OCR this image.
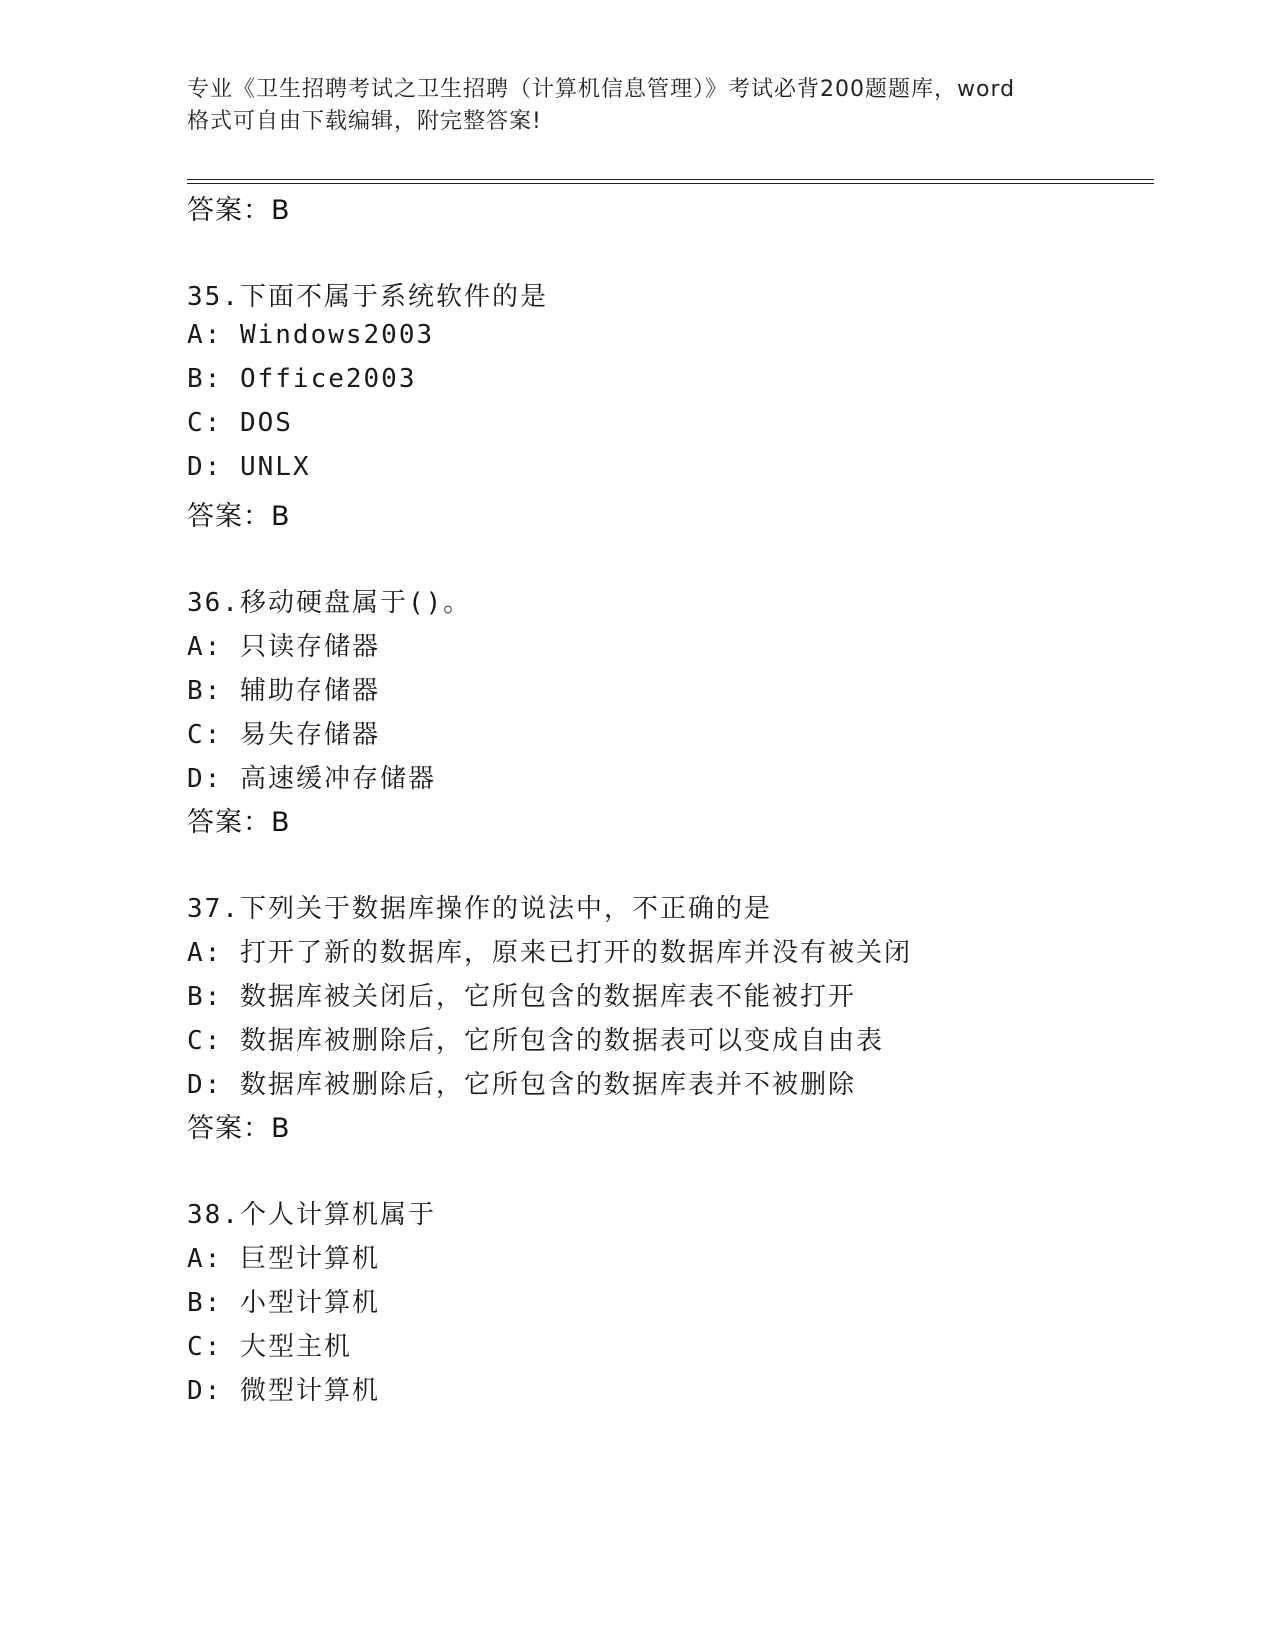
专业《卫生招聘考试之卫生招聘（计算机信息管理）》考试必背200题题库，word
格式可自由下载编辑，附完整答案!
答案：B
35.下面不属于系统软件的是
A: Windows2003
B: Office2003
C: DOS
D: UNLX
答案：B
36.移动硬盘属于()。
A: 只读存储器
B: 辅助存储器
C: 易失存储器
D: 高速缓冲存储器
答案：B
37.下列关于数据库操作的说法中，不正确的是
A: 打开了新的数据库，原来已打开的数据库并没有被关闭
B: 数据库被关闭后，它所包含的数据库表不能被打开
C: 数据库被删除后，它所包含的数据表可以变成自由表
D: 数据库被删除后，它所包含的数据库表并不被删除
答案：B
38.个人计算机属于
A: 巨型计算机
B: 小型计算机
C: 大型主机
D: 微型计算机
